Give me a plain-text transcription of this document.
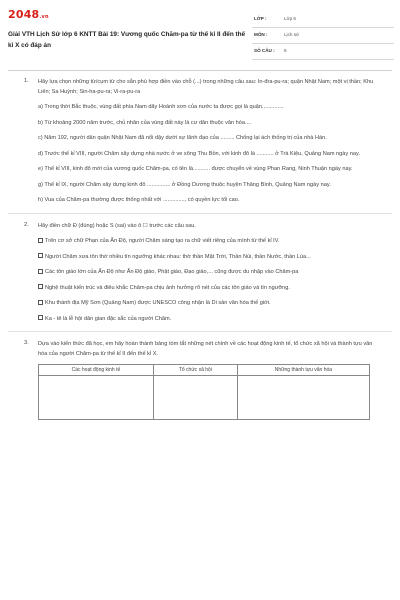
2048.vn
Giải VTH Lịch Sử lớp 6 KNTT Bài 19: Vương quốc Chăm-pa từ thế kỉ II đến thế kỉ X có đáp án
LỚP :	Lớp 6
MÔN :	Lịch sử
SỐ CÂU : 6
1. Hãy lựa chọn những từ/cụm từ cho sẵn phù hợp điền vào chỗ (...) trong những câu sau: In-đra-pu-ra; quận Nhật Nam; một vị thần; Khu Liên; Sa Huỳnh; Sin-ha-pu-ra; Vi-ra-pu-ra
a) Trong thời Bắc thuộc, vùng đất phía Nam dãy Hoành sơn của nước ta được gọi là quận..............
b) Từ khoảng 2000 năm trước, chủ nhân của vùng đất này là cư dân thuộc văn hóa....
c) Năm 192, người dân quận Nhật Nam đã nổi dậy dưới sự lãnh đạo của ......... Chống lại ách thống trị của nhà Hán.
d) Trước thế kỉ VIII, người Chăm xây dựng nhà nước ở ve sông Thu Bồn, với kinh đô là ........... ở Trà Kiệu, Quảng Nam ngày nay.
e) Thế kỉ VIII, kinh đô mới của vương quốc Chăm-pa, có tên là........... được chuyển về vùng Phan Rang, Ninh Thuận ngày nay.
g) Thế kỉ IX, người Chăm xây dựng kinh đô ............... ở Đồng Dương thuộc huyện Thăng Bình, Quảng Nam ngày nay.
h) Vua của Chăm-pa thường được thống nhất với .............., có quyền lực tối cao.
2. Hãy điền chữ Đ (đúng) hoặc S (sai) vào ô ☐ trước các câu sau.
Trên cơ sở chữ Phạn của Ấn Độ, người Chăm sáng tạo ra chữ viết riêng của mình từ thế kỉ IV.
Người Chăm xưa tôn thờ nhiều tín ngưỡng khác nhau: thờ thần Mặt Trời, Thần Núi, thần Nước, thần Lúa...
Các tôn giáo lớn của Ấn Độ như Ấn Độ giáo, Phật giáo, Đạo giáo,... cũng được du nhập vào Chăm-pa
Nghệ thuật kiến trúc và điêu khắc Chăm-pa chịu ảnh hưởng rõ nét của các tôn giáo và tín ngưỡng.
Khu thánh địa Mỹ Sơn (Quảng Nam) được UNESCO công nhận là Di sản văn hóa thế giới.
Ka - tê là lễ hội dân gian đặc sắc của người Chăm.
3. Dựa vào kiến thức đã học, em hãy hoàn thành bảng tóm tắt những nét chính về các hoạt động kinh tế, tổ chức xã hội và thành tựu văn hóa của người Chăm-pa từ thế kỉ II đến thế kỉ X.
Các hoạt động kinh tế	Tổ chức xã hội	Những thành tựu văn hóa
